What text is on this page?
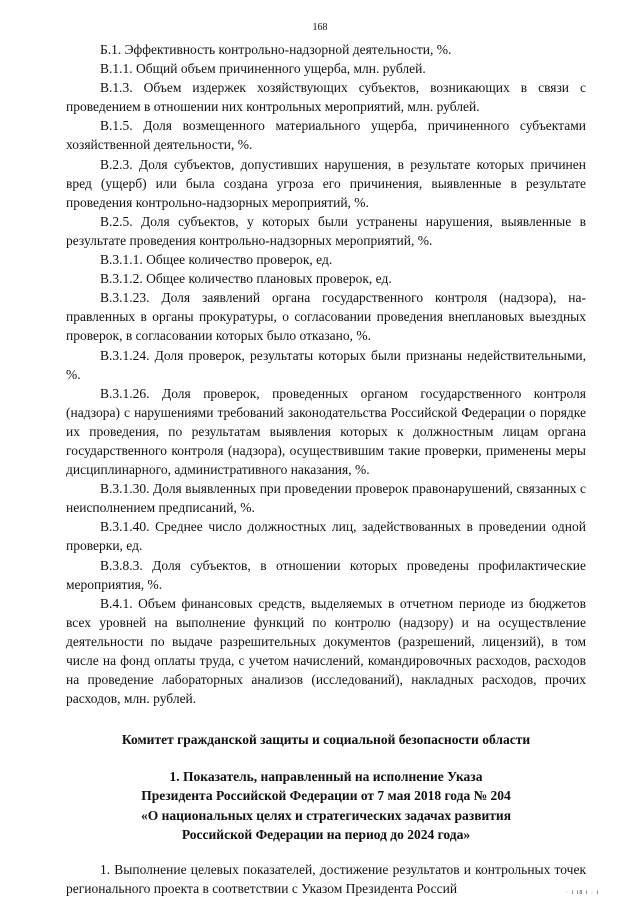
168

Б.1. Эффективность контрольно-надзорной деятельности, %.

В.1.1. Общий объем причиненного ущерба, млн. рублей.

В.1.3. Объем издержек хозяйствующих субъектов, возникающих в связи с проведением в отношении них контрольных мероприятий, млн. рублей.

В.1.5. Доля возмещенного материального ущерба, причиненного субъектами хозяйственной деятельности, %.

В.2.3. Доля субъектов, допустивших нарушения, в результате которых причинен вред (ущерб) или была создана угроза его причинения, выявленные в результате проведения контрольно-надзорных мероприятий, %.

В.2.5. Доля субъектов, у которых были устранены нарушения, выявленные в результате проведения контрольно-надзорных мероприятий, %.

В.3.1.1. Общее количество проверок, ед.

В.3.1.2. Общее количество плановых проверок, ед.

В.3.1.23. Доля заявлений органа государственного контроля (надзора), направленных в органы прокуратуры, о согласовании проведения внеплановых выездных проверок, в согласовании которых было отказано, %.

В.3.1.24. Доля проверок, результаты которых были признаны недействительными, %.

В.3.1.26. Доля проверок, проведенных органом государственного контроля (надзора) с нарушениями требований законодательства Российской Федерации о порядке их проведения, по результатам выявления которых к должностным лицам органа государственного контроля (надзора), осуществившим такие проверки, применены меры дисциплинарного, административного наказания, %.

В.3.1.30. Доля выявленных при проведении проверок правонарушений, связанных с неисполнением предписаний, %.

В.3.1.40. Среднее число должностных лиц, задействованных в проведении одной проверки, ед.

В.3.8.3. Доля субъектов, в отношении которых проведены профилактические мероприятия, %.

В.4.1. Объем финансовых средств, выделяемых в отчетном периоде из бюджетов всех уровней на выполнение функций по контролю (надзору) и на осуществление деятельности по выдаче разрешительных документов (разрешений, лицензий), в том числе на фонд оплаты труда, с учетом начислений, командировочных расходов, расходов на проведение лабораторных анализов (исследований), накладных расходов, прочих расходов, млн. рублей.

Комитет гражданской защиты и социальной безопасности области

1. Показатель, направленный на исполнение Указа
Президента Российской Федерации от 7 мая 2018 года № 204
«О национальных целях и стратегических задачах развития
Российской Федерации на период до 2024 года»

1. Выполнение целевых показателей, достижение результатов и контрольных точек регионального проекта в соответствии с Указом Президента Россий	· i i8 i · i
